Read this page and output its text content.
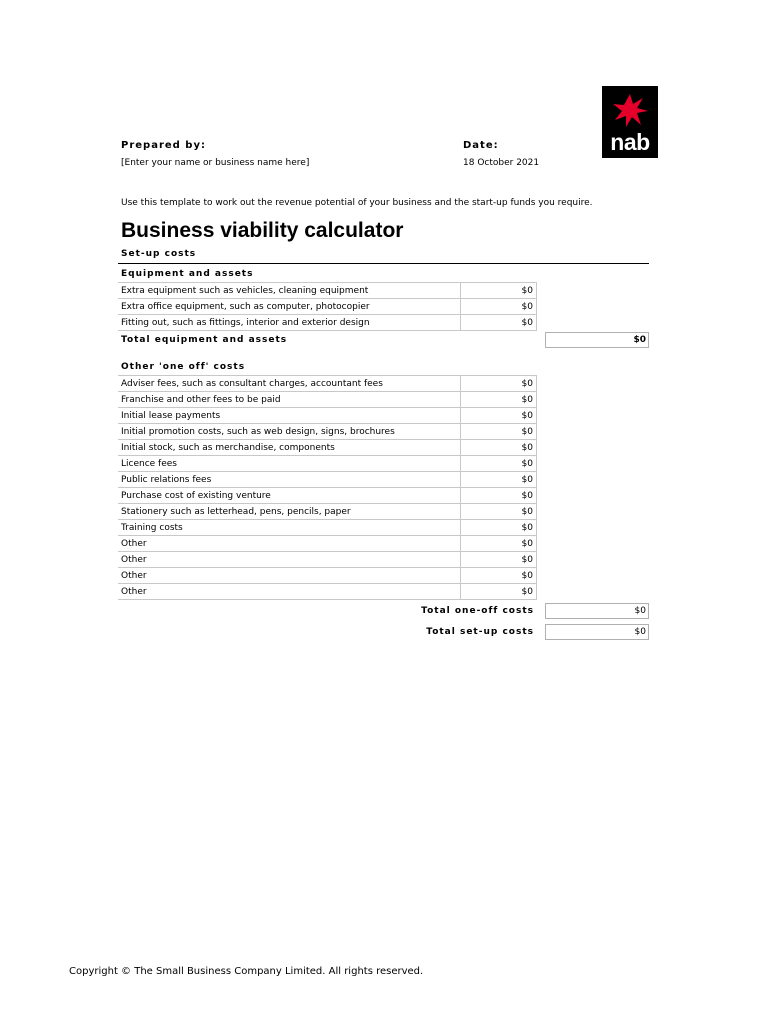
nab
Prepared by:
[Enter your name or business name here]
Date:
18 October 2021
Use this template to work out the revenue potential of your business and the start-up funds you require.
Business viability calculator
Set-up costs
Equipment and assets
Extra equipment such as vehicles, cleaning equipment	$0
Extra office equipment, such as computer, photocopier	$0
Fitting out, such as fittings, interior and exterior design	$0
Total equipment and assets	$0
Other 'one off' costs
Adviser fees, such as consultant charges, accountant fees	$0
Franchise and other fees to be paid	$0
Initial lease payments	$0
Initial promotion costs, such as web design, signs, brochures	$0
Initial stock, such as merchandise, components	$0
Licence fees	$0
Public relations fees	$0
Purchase cost of existing venture	$0
Stationery such as letterhead, pens, pencils, paper	$0
Training costs	$0
Other	$0
Other	$0
Other	$0
Other	$0
Total one-off costs	$0
Total set-up costs	$0
Copyright © The Small Business Company Limited. All rights reserved.
